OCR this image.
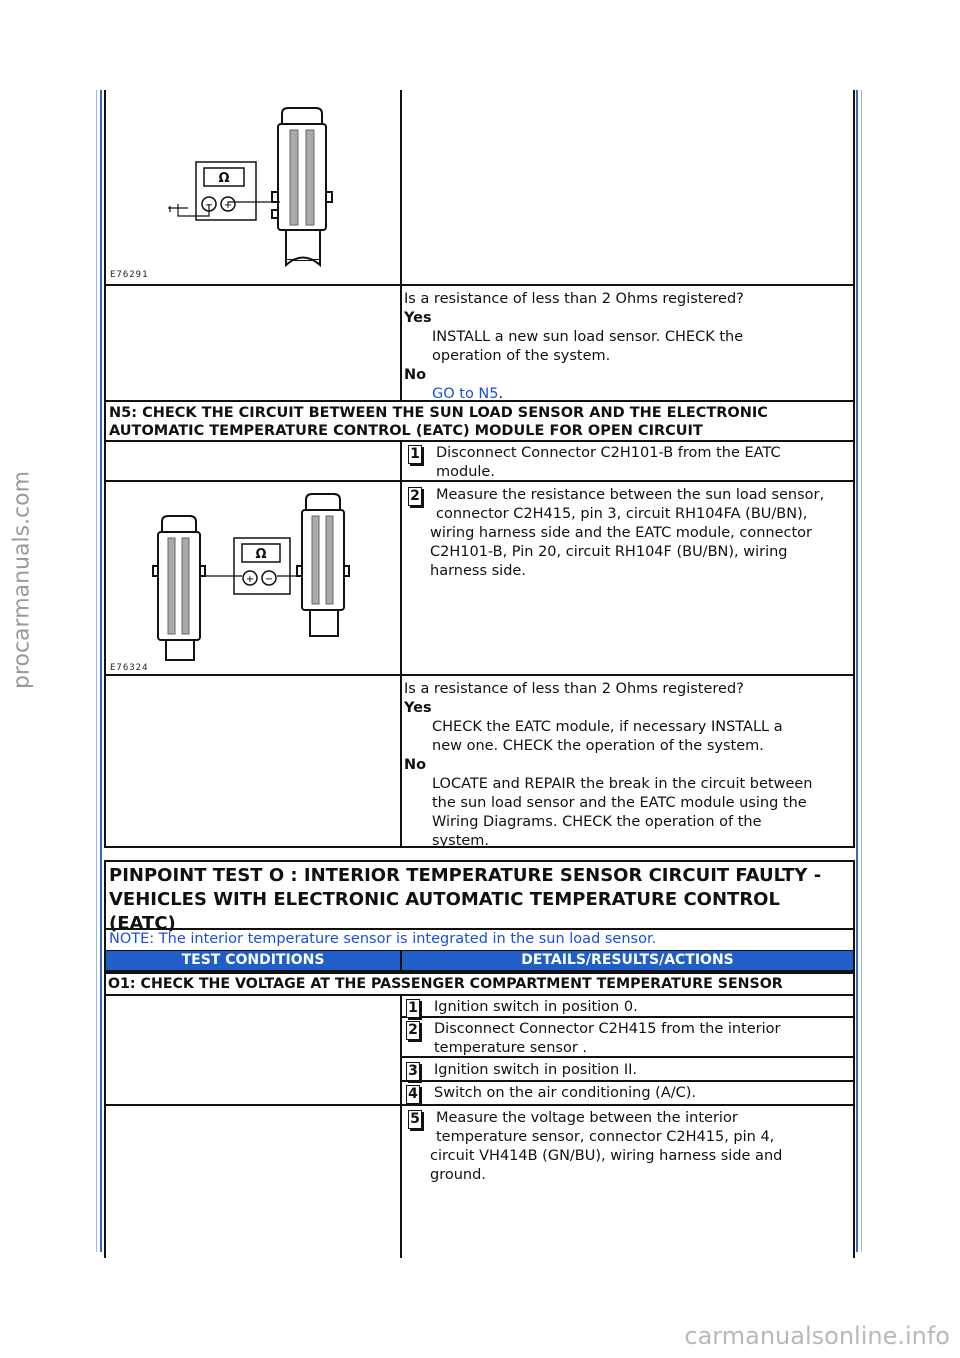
procarmanuals.com
carmanualsonline.info
Ω
− +
E76291
Is a resistance of less than 2 Ohms registered?
Yes
INSTALL a new sun load sensor. CHECK the
operation of the system.
No
GO to N5.
N5: CHECK THE CIRCUIT BETWEEN THE SUN LOAD SENSOR AND THE ELECTRONIC
AUTOMATIC TEMPERATURE CONTROL (EATC) MODULE FOR OPEN CIRCUIT
1 Disconnect Connector C2H101-B from the EATC
module.
Ω
+ −
E76324
2 Measure the resistance between the sun load sensor,
connector C2H415, pin 3, circuit RH104FA (BU/BN),
wiring harness side and the EATC module, connector
C2H101-B, Pin 20, circuit RH104F (BU/BN), wiring
harness side.
Is a resistance of less than 2 Ohms registered?
Yes
CHECK the EATC module, if necessary INSTALL a
new one. CHECK the operation of the system.
No
LOCATE and REPAIR the break in the circuit between
the sun load sensor and the EATC module using the
Wiring Diagrams. CHECK the operation of the
system.
PINPOINT TEST O : INTERIOR TEMPERATURE SENSOR CIRCUIT FAULTY -
VEHICLES WITH ELECTRONIC AUTOMATIC TEMPERATURE CONTROL
(EATC)
NOTE: The interior temperature sensor is integrated in the sun load sensor.
TEST CONDITIONS	DETAILS/RESULTS/ACTIONS
O1: CHECK THE VOLTAGE AT THE PASSENGER COMPARTMENT TEMPERATURE SENSOR
1 Ignition switch in position 0.
2 Disconnect Connector C2H415 from the interior
temperature sensor .
3 Ignition switch in position II.
4 Switch on the air conditioning (A/C).
5 Measure the voltage between the interior
temperature sensor, connector C2H415, pin 4,
circuit VH414B (GN/BU), wiring harness side and
ground.
